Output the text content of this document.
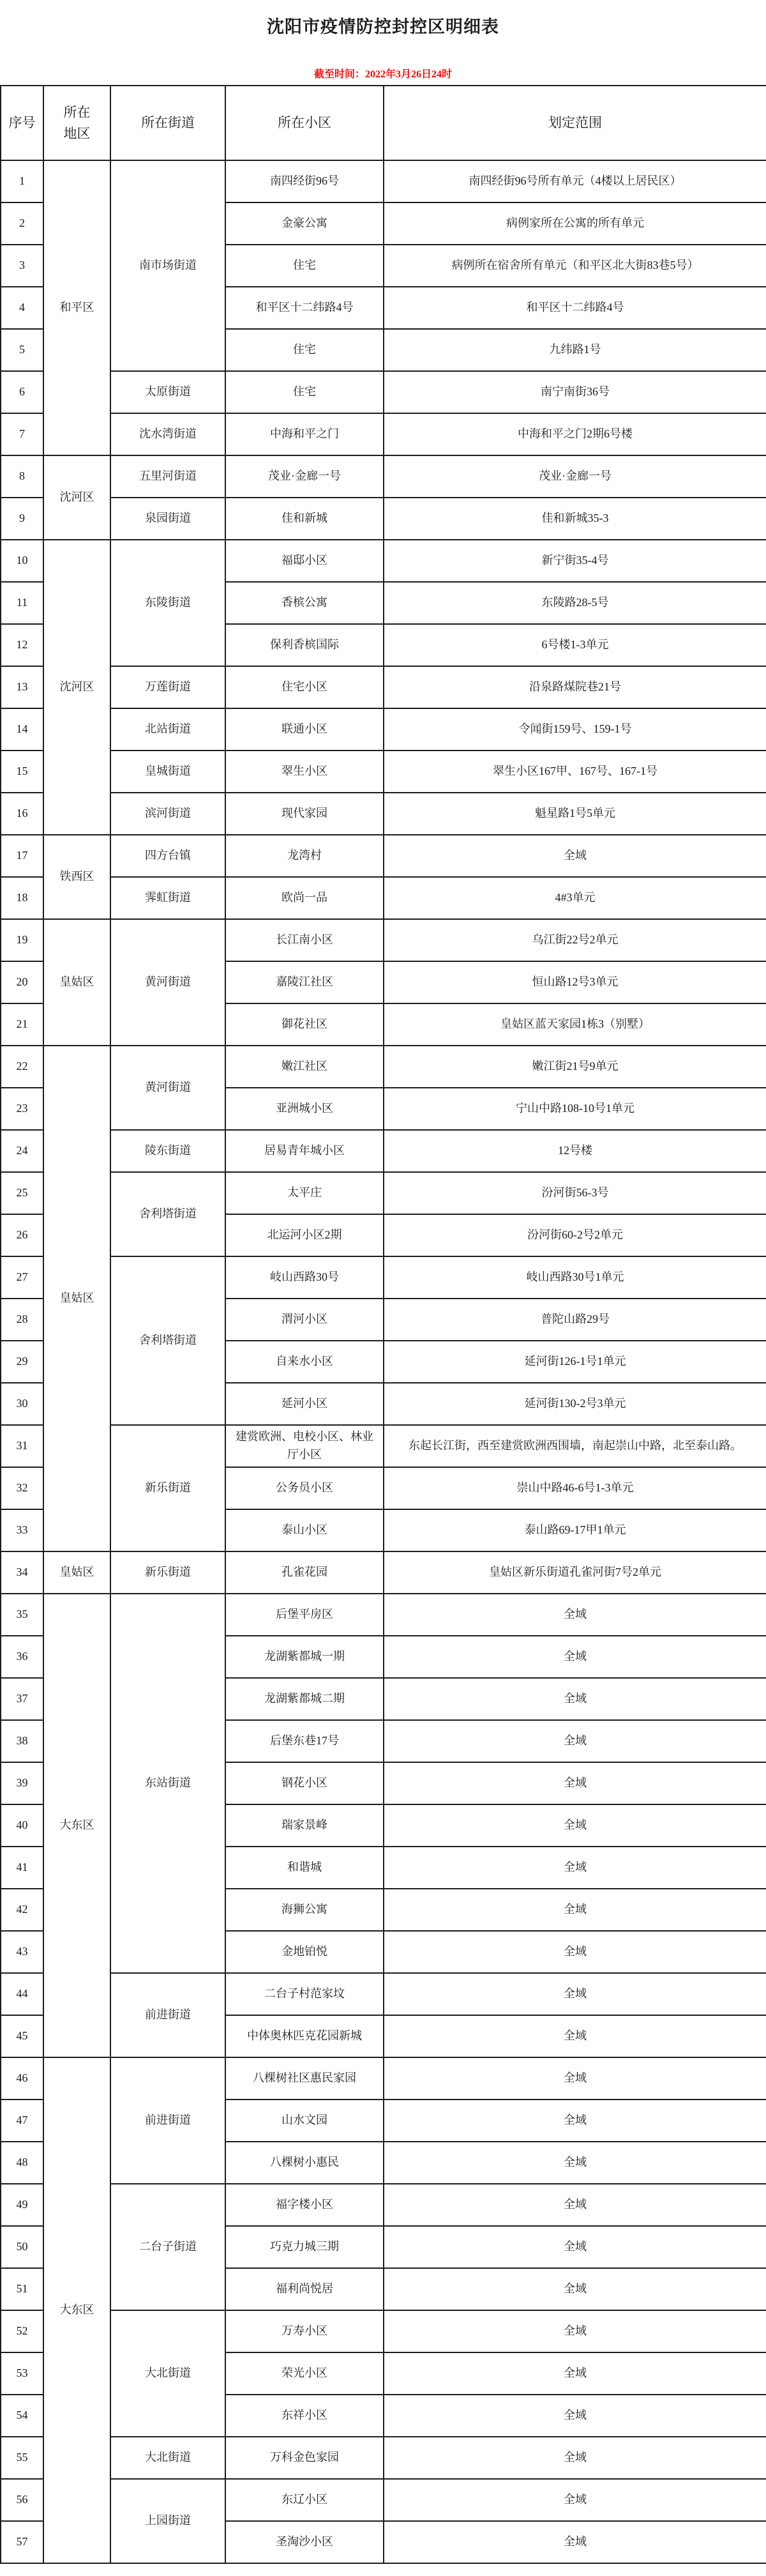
沈阳市疫情防控封控区明细表
截至时间：2022年3月26日24时
序号	所在地区	所在街道	所在小区	划定范围
1	和平区	南市场街道	南四经街96号	南四经街96号所有单元（4楼以上居民区）
2			金豪公寓	病例家所在公寓的所有单元
3			住宅	病例所在宿舍所有单元（和平区北大街83巷5号）
4			和平区十二纬路4号	和平区十二纬路4号
5			住宅	九纬路1号
6		太原街道	住宅	南宁南街36号
7		沈水湾街道	中海和平之门	中海和平之门2期6号楼
8	沈河区	五里河街道	茂业·金廊一号	茂业·金廊一号
9		泉园街道	佳和新城	佳和新城35-3
10	沈河区	东陵街道	福邸小区	新宁街35-4号
11			香槟公寓	东陵路28-5号
12			保利香槟国际	6号楼1-3单元
13		万莲街道	住宅小区	沿泉路煤院巷21号
14		北站街道	联通小区	令闻街159号、159-1号
15		皇城街道	翠生小区	翠生小区167甲、167号、167-1号
16		滨河街道	现代家园	魁星路1号5单元
17	铁西区	四方台镇	龙湾村	全域
18		霁虹街道	欧尚一品	4#3单元
19	皇姑区	黄河街道	长江南小区	乌江街22号2单元
20			嘉陵江社区	恒山路12号3单元
21			御花社区	皇姑区蓝天家园1栋3（别墅）
22	皇姑区	黄河街道	嫩江社区	嫩江街21号9单元
23			亚洲城小区	宁山中路108-10号1单元
24		陵东街道	居易青年城小区	12号楼
25		舍利塔街道	太平庄	汾河街56-3号
26			北运河小区2期	汾河街60-2号2单元
27		舍利塔街道	岐山西路30号	岐山西路30号1单元
28			渭河小区	普陀山路29号
29			自来水小区	延河街126-1号1单元
30			延河小区	延河街130-2号3单元
31		新乐街道	建赏欧洲、电校小区、林业厅小区	东起长江街，西至建赏欧洲西围墙，南起崇山中路，北至泰山路。
32			公务员小区	崇山中路46-6号1-3单元
33			泰山小区	泰山路69-17甲1单元
34	皇姑区	新乐街道	孔雀花园	皇姑区新乐街道孔雀河街7号2单元
35	大东区	东站街道	后堡平房区	全域
36			龙湖紫都城一期	全域
37			龙湖紫都城二期	全域
38			后堡东巷17号	全域
39			钢花小区	全域
40			瑞家景峰	全域
41			和谐城	全域
42			海狮公寓	全域
43			金地铂悦	全域
44		前进街道	二台子村范家坟	全域
45			中体奥林匹克花园新城	全域
46	大东区	前进街道	八棵树社区惠民家园	全域
47			山水文园	全域
48			八棵树小惠民	全域
49		二台子街道	福字楼小区	全域
50			巧克力城三期	全域
51			福利尚悦居	全域
52		大北街道	万寿小区	全域
53			荣光小区	全域
54			东祥小区	全域
55		大北街道	万科金色家园	全域
56		上园街道	东辽小区	全域
57			圣淘沙小区	全域
